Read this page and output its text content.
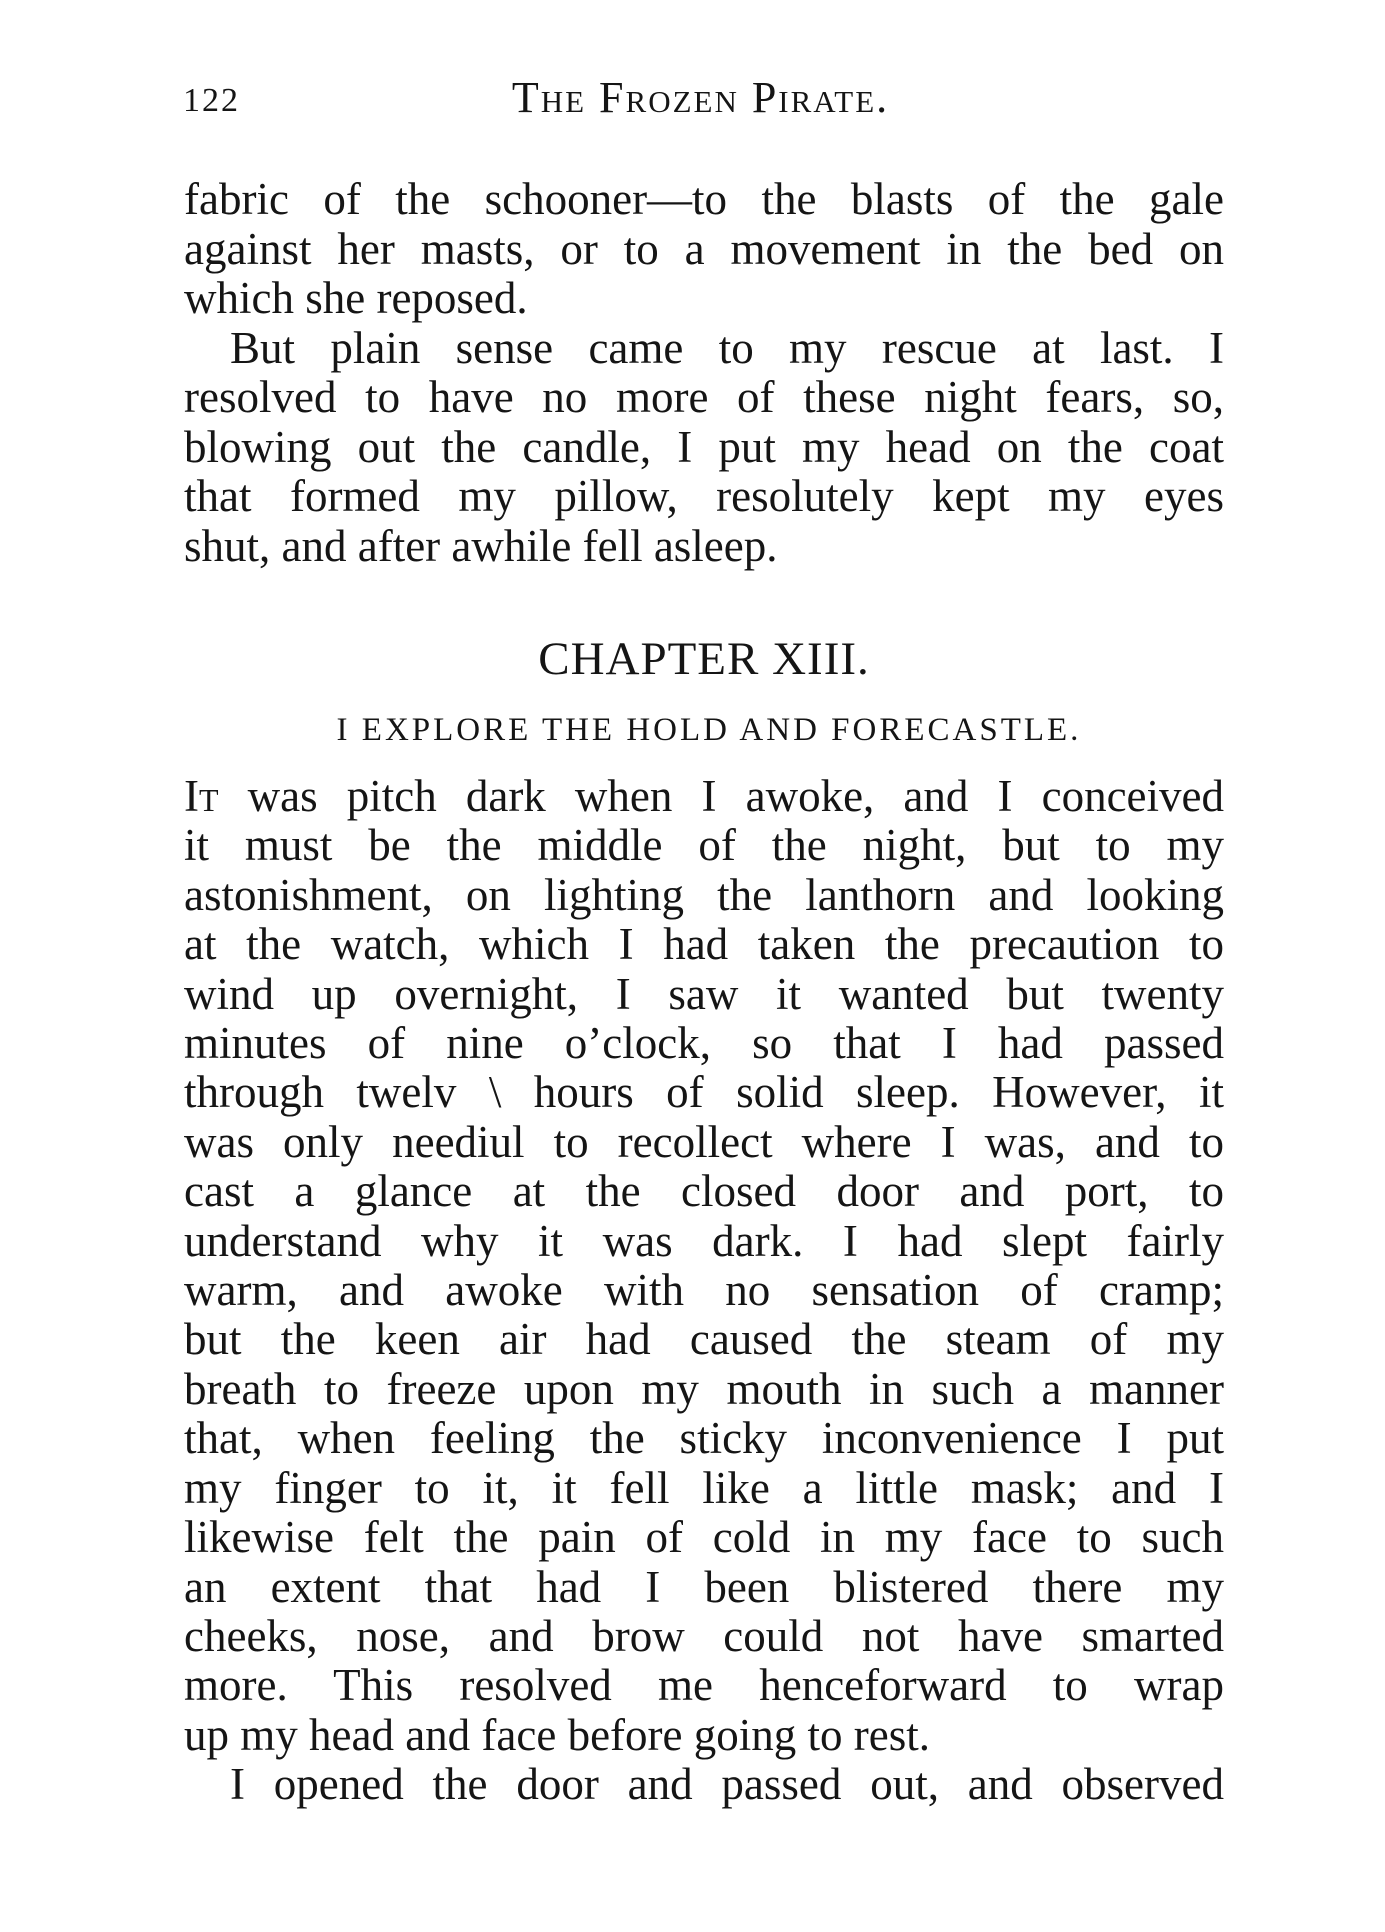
122	The Frozen Pirate.
fabric of the schooner—to the blasts of the gale
against her masts, or to a movement in the bed on
which she reposed.
But plain sense came to my rescue at last. I
resolved to have no more of these night fears, so,
blowing out the candle, I put my head on the coat
that formed my pillow, resolutely kept my eyes
shut, and after awhile fell asleep.
CHAPTER XIII.
I EXPLORE THE HOLD AND FORECASTLE.
It was pitch dark when I awoke, and I conceived
it must be the middle of the night, but to my
astonishment, on lighting the lanthorn and looking
at the watch, which I had taken the precaution to
wind up overnight, I saw it wanted but twenty
minutes of nine o’clock, so that I had passed
through twelv \ hours of solid sleep. However, it
was only neediul to recollect where I was, and to
cast a glance at the closed door and port, to
understand why it was dark. I had slept fairly
warm, and awoke with no sensation of cramp;
but the keen air had caused the steam of my
breath to freeze upon my mouth in such a manner
that, when feeling the sticky inconvenience I put
my finger to it, it fell like a little mask; and I
likewise felt the pain of cold in my face to such
an extent that had I been blistered there my
cheeks, nose, and brow could not have smarted
more. This resolved me henceforward to wrap
up my head and face before going to rest.
I opened the door and passed out, and observed
